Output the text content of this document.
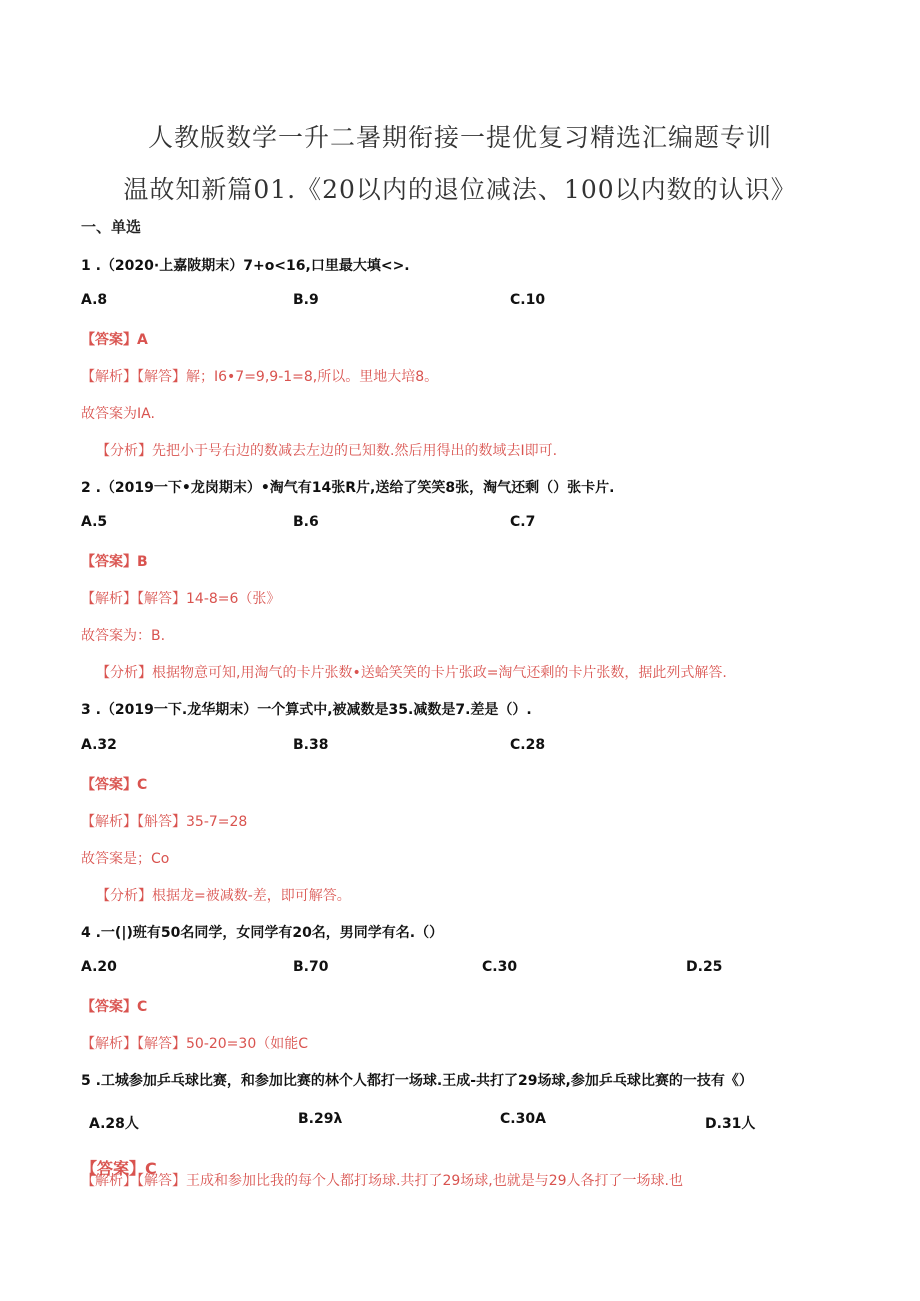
人教版数学一升二暑期衔接一提优复习精选汇编题专训
温故知新篇01.《20以内的退位减法、100以内数的认识》
一、单选
1 .（2020·上嘉陂期末）7+o<16,口里最大填<>.
A.8	B.9	C.10
【答案】A
【解析】【解答】解；I6•7=9,9-1=8,所以。里地大培8。
故答案为IA.
【分析】先把小于号右边的数减去左边的已知数.然后用得出的数域去I即可.
2 .（2019一下•龙岗期末）•淘气有14张R片,送给了笑笑8张，淘气还剩（）张卡片.
A.5	B.6	C.7
【答案】B
【解析】【解答】14-8=6（张》
故答案为：B.
【分析】根据物意可知,用淘气的卡片张数•送蛤笑笑的卡片张政=淘气还剩的卡片张数，据此列式解答.
3 .（2019一下.龙华期末）一个算式中,被减数是35.减数是7.差是（）.
A.32	B.38	C.28
【答案】C
【解析】【斛答】35-7=28
故答案是；Co
【分析】根据龙=被减数-差，即可解答。
4 .一(|)班有50名同学，女同学有20名，男同学有名.（）
A.20	B.70	C.30	D.25
【答案】C
【解析】【解答】50-20=30（如能C
5 .工城参加乒乓球比赛，和参加比赛的林个人都打一场球.王成-共打了29场球,参加乒乓球比赛的一技有《）
A.28人	B.29λ	C.30A	D.31人
【答案】C
【解析】【解答】王成和参加比我的每个人都打场球.共打了29场球,也就是与29人各打了一场球.也
